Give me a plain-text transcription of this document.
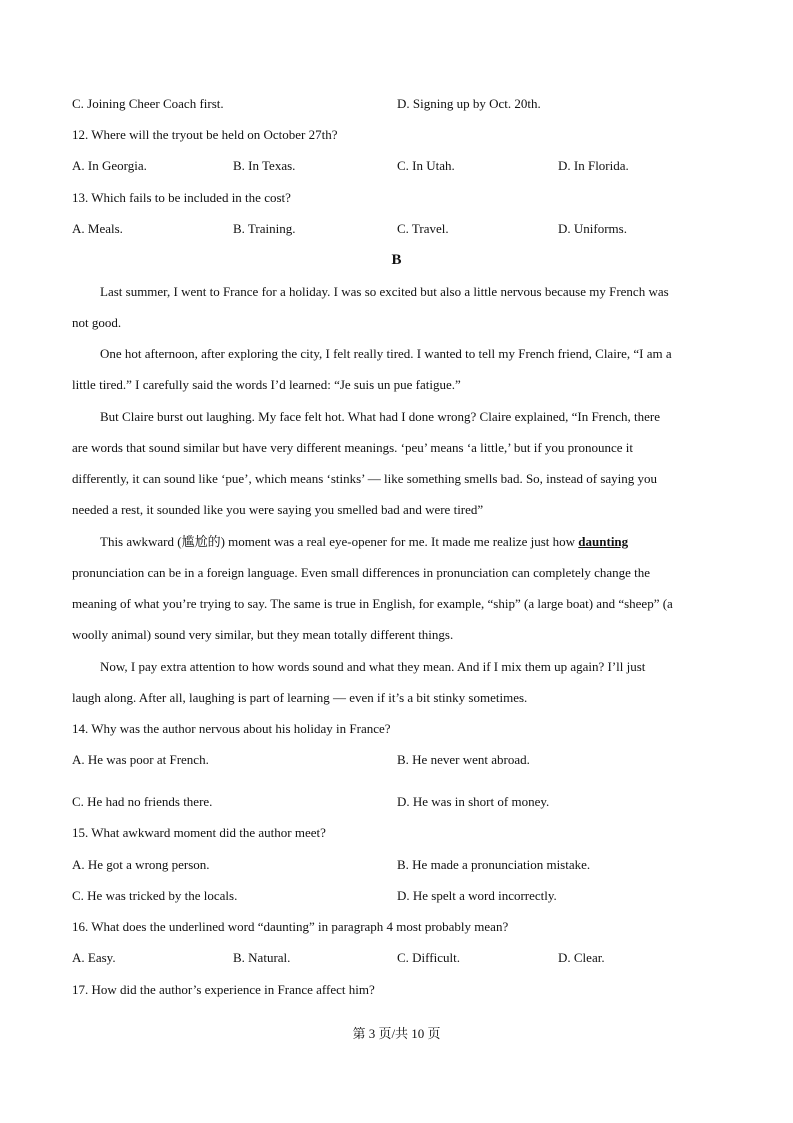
C. Joining Cheer Coach first.	D. Signing up by Oct. 20th.
12. Where will the tryout be held on October 27th?
A. In Georgia.	B. In Texas.	C. In Utah.	D. In Florida.
13. Which fails to be included in the cost?
A. Meals.	B. Training.	C. Travel.	D. Uniforms.
B
Last summer, I went to France for a holiday. I was so excited but also a little nervous because my French was
not good.
One hot afternoon, after exploring the city, I felt really tired. I wanted to tell my French friend, Claire, “I am a
little tired.” I carefully said the words I’d learned: “Je suis un pue fatigue.”
But Claire burst out laughing. My face felt hot. What had I done wrong? Claire explained, “In French, there
are words that sound similar but have very different meanings. ‘peu’ means ‘a little,’ but if you pronounce it
differently, it can sound like ‘pue’, which means ‘stinks’ — like something smells bad. So, instead of saying you
needed a rest, it sounded like you were saying you smelled bad and were tired”
This awkward (尴尬的) moment was a real eye-opener for me. It made me realize just how daunting
pronunciation can be in a foreign language. Even small differences in pronunciation can completely change the
meaning of what you’re trying to say. The same is true in English, for example, “ship” (a large boat) and “sheep” (a
woolly animal) sound very similar, but they mean totally different things.
Now, I pay extra attention to how words sound and what they mean. And if I mix them up again? I’ll just
laugh along. After all, laughing is part of learning — even if it’s a bit stinky sometimes.
14. Why was the author nervous about his holiday in France?
A. He was poor at French.	B. He never went abroad.
C. He had no friends there.	D. He was in short of money.
15. What awkward moment did the author meet?
A. He got a wrong person.	B. He made a pronunciation mistake.
C. He was tricked by the locals.	D. He spelt a word incorrectly.
16. What does the underlined word “daunting” in paragraph 4 most probably mean?
A. Easy.	B. Natural.	C. Difficult.	D. Clear.
17. How did the author’s experience in France affect him?
第 3 页/共 10 页
